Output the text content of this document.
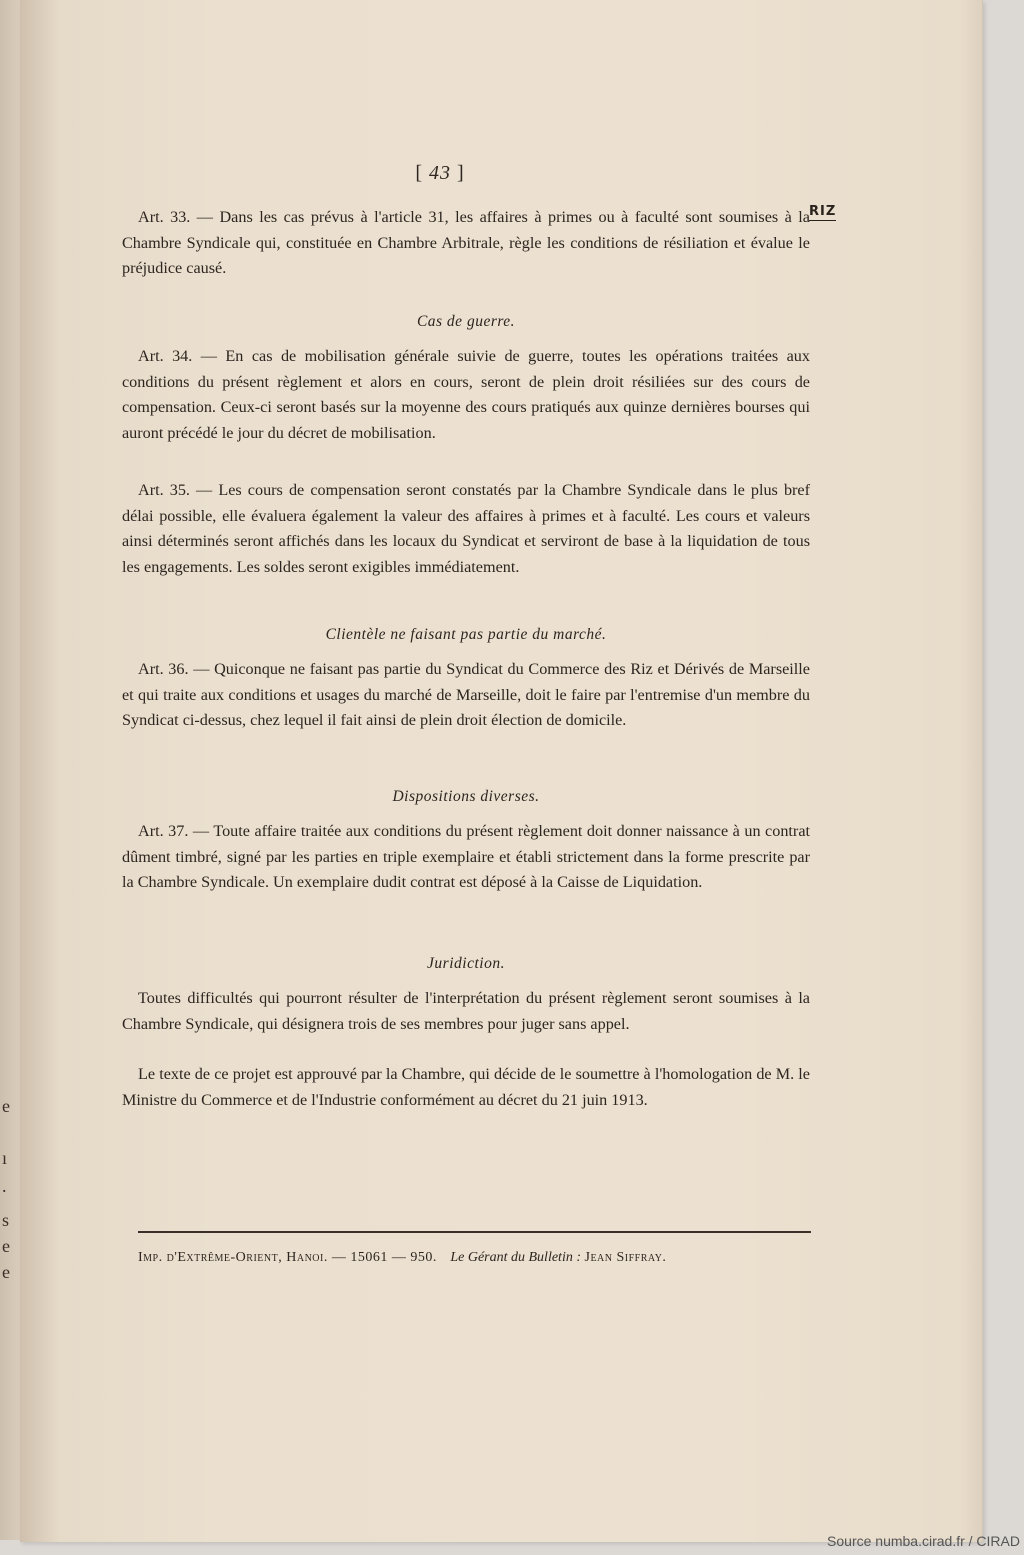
e
ı
.
s
e
e
[ 43 ]
RIZ

Art. 33. — Dans les cas prévus à l'article 31, les affaires à primes ou à faculté sont soumises à la Chambre Syndicale qui, constituée en Chambre Arbitrale, règle les conditions de résiliation et évalue le préjudice causé.

Cas de guerre.

Art. 34. — En cas de mobilisation générale suivie de guerre, toutes les opérations traitées aux conditions du présent règlement et alors en cours, seront de plein droit résiliées sur des cours de compensation. Ceux-ci seront basés sur la moyenne des cours pratiqués aux quinze dernières bourses qui auront précédé le jour du décret de mobilisation.

Art. 35. — Les cours de compensation seront constatés par la Chambre Syndicale dans le plus bref délai possible, elle évaluera également la valeur des affaires à primes et à faculté. Les cours et valeurs ainsi déterminés seront affichés dans les locaux du Syndicat et serviront de base à la liquidation de tous les engagements. Les soldes seront exigibles immédiatement.

Clientèle ne faisant pas partie du marché.

Art. 36. — Quiconque ne faisant pas partie du Syndicat du Commerce des Riz et Dérivés de Marseille et qui traite aux conditions et usages du marché de Marseille, doit le faire par l'entremise d'un membre du Syndicat ci-dessus, chez lequel il fait ainsi de plein droit élection de domicile.

Dispositions diverses.

Art. 37. — Toute affaire traitée aux conditions du présent règlement doit donner naissance à un contrat dûment timbré, signé par les parties en triple exemplaire et établi strictement dans la forme prescrite par la Chambre Syndicale. Un exemplaire dudit contrat est déposé à la Caisse de Liquidation.

Juridiction.

Toutes difficultés qui pourront résulter de l'interprétation du présent règlement seront soumises à la Chambre Syndicale, qui désignera trois de ses membres pour juger sans appel.

Le texte de ce projet est approuvé par la Chambre, qui décide de le soumettre à l'homologation de M. le Ministre du Commerce et de l'Industrie conformément au décret du 21 juin 1913.

Imp. d'Extrême-Orient, Hanoi. — 15061 — 950. Le Gérant du Bulletin : Jean Siffray.
Source numba.cirad.fr / CIRAD
